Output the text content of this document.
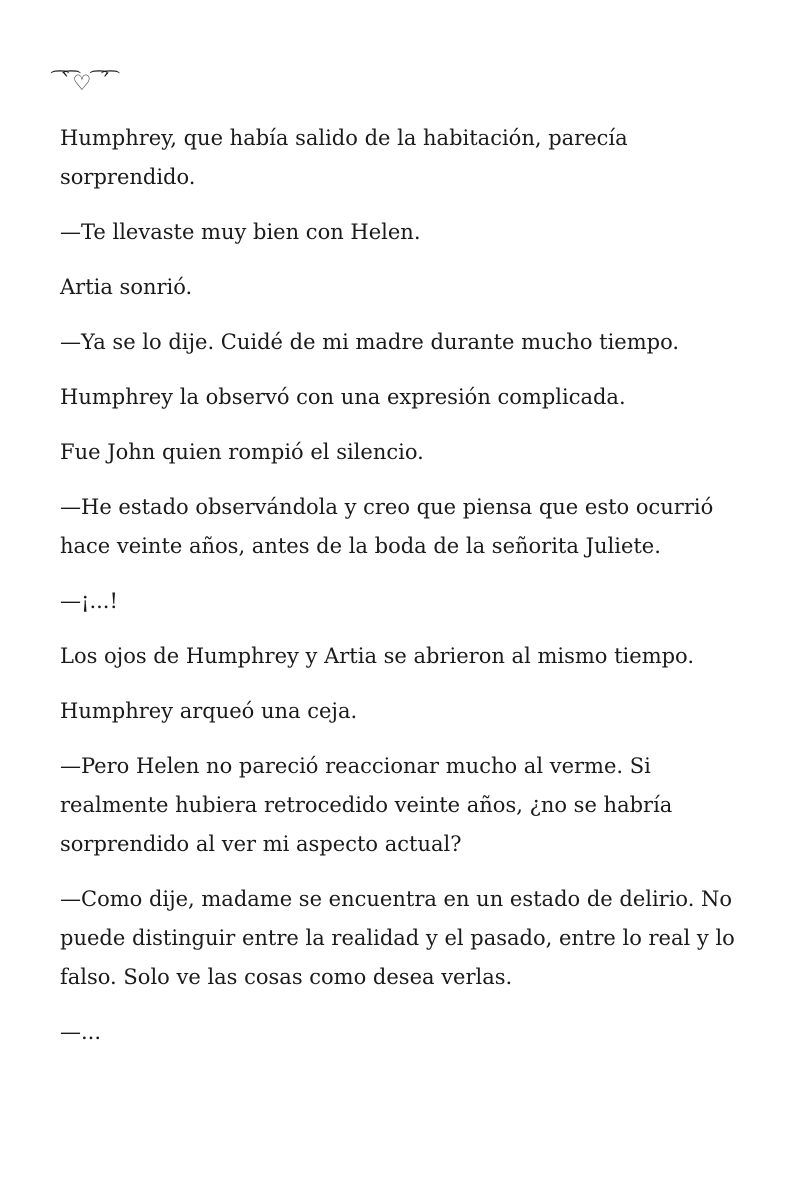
͡`͡♡ ͡´͡

Humphrey, que había salido de la habitación, parecía sorprendido.

—Te llevaste muy bien con Helen.

Artia sonrió.

—Ya se lo dije. Cuidé de mi madre durante mucho tiempo.

Humphrey la observó con una expresión complicada.

Fue John quien rompió el silencio.

—He estado observándola y creo que piensa que esto ocurrió hace veinte años, antes de la boda de la señorita Juliete.

—¡...!

Los ojos de Humphrey y Artia se abrieron al mismo tiempo.

Humphrey arqueó una ceja.

—Pero Helen no pareció reaccionar mucho al verme. Si realmente hubiera retrocedido veinte años, ¿no se habría sorprendido al ver mi aspecto actual?

—Como dije, madame se encuentra en un estado de delirio. No puede distinguir entre la realidad y el pasado, entre lo real y lo falso. Solo ve las cosas como desea verlas.

—...
